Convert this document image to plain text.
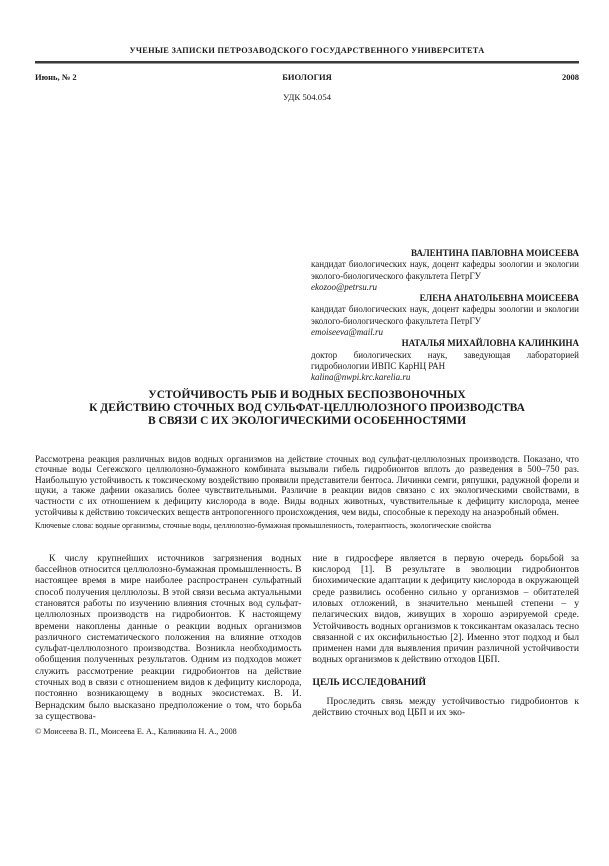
УЧЕНЫЕ ЗАПИСКИ ПЕТРОЗАВОДСКОГО ГОСУДАРСТВЕННОГО УНИВЕРСИТЕТА
Июнь, № 2	БИОЛОГИЯ	2008
УДК 504.054
ВАЛЕНТИНА ПАВЛОВНА МОИСЕЕВА
кандидат биологических наук, доцент кафедры зоологии и экологии эколого-биологического факультета ПетрГУ
ekozoo@petrsu.ru
ЕЛЕНА АНАТОЛЬЕВНА МОИСЕЕВА
кандидат биологических наук, доцент кафедры зоологии и экологии эколого-биологического факультета ПетрГУ
emoiseeva@mail.ru
НАТАЛЬЯ МИХАЙЛОВНА КАЛИНКИНА
доктор биологических наук, заведующая лабораторией гидробиологии ИВПС КарНЦ РАН
kalina@nwpi.krc.karelia.ru
УСТОЙЧИВОСТЬ РЫБ И ВОДНЫХ БЕСПОЗВОНОЧНЫХ
К ДЕЙСТВИЮ СТОЧНЫХ ВОД СУЛЬФАТ-ЦЕЛЛЮЛОЗНОГО ПРОИЗВОДСТВА
В СВЯЗИ С ИХ ЭКОЛОГИЧЕСКИМИ ОСОБЕННОСТЯМИ
Рассмотрена реакция различных видов водных организмов на действие сточных вод сульфат-целлюлозных производств. Показано, что сточные воды Сегежского целлюлозно-бумажного комбината вызывали гибель гидробионтов вплоть до разведения в 500–750 раз. Наибольшую устойчивость к токсическому воздействию проявили представители бентоса. Личинки семги, ряпушки, радужной форели и щуки, а также дафнии оказались более чувствительными. Различие в реакции видов связано с их экологическими свойствами, в частности с их отношением к дефициту кислорода в воде. Виды водных животных, чувствительные к дефициту кислорода, менее устойчивы к действию токсических веществ антропогенного происхождения, чем виды, способные к переходу на анаэробный обмен.
Ключевые слова: водные организмы, сточные воды, целлюлозно-бумажная промышленность, толерантность, экологические свойства
К числу крупнейших источников загрязнения водных бассейнов относится целлюлозно-бумажная промышленность. В настоящее время в мире наиболее распространен сульфатный способ получения целлюлозы. В этой связи весьма актуальными становятся работы по изучению влияния сточных вод сульфат-целлюлозных производств на гидробионтов. К настоящему времени накоплены данные о реакции водных организмов различного систематического положения на влияние отходов сульфат-целлюлозного производства. Возникла необходимость обобщения полученных результатов. Одним из подходов может служить рассмотрение реакции гидробионтов на действие сточных вод в связи с отношением видов к дефициту кислорода, постоянно возникающему в водных экосистемах. В. И. Вернадским было высказано предположение о том, что борьба за существова-
ние в гидросфере является в первую очередь борьбой за кислород [1]. В результате в эволюции гидробионтов биохимические адаптации к дефициту кислорода в окружающей среде развились особенно сильно у организмов – обитателей иловых отложений, в значительно меньшей степени – у пелагических видов, живущих в хорошо аэрируемой среде. Устойчивость водных организмов к токсикантам оказалась тесно связанной с их оксифильностью [2]. Именно этот подход и был применен нами для выявления причин различной устойчивости водных организмов к действию отходов ЦБП.
ЦЕЛЬ ИССЛЕДОВАНИЙ
Проследить связь между устойчивостью гидробионтов к действию сточных вод ЦБП и их эко-
© Моисеева В. П., Моисеева Е. А., Калинкина Н. А., 2008
